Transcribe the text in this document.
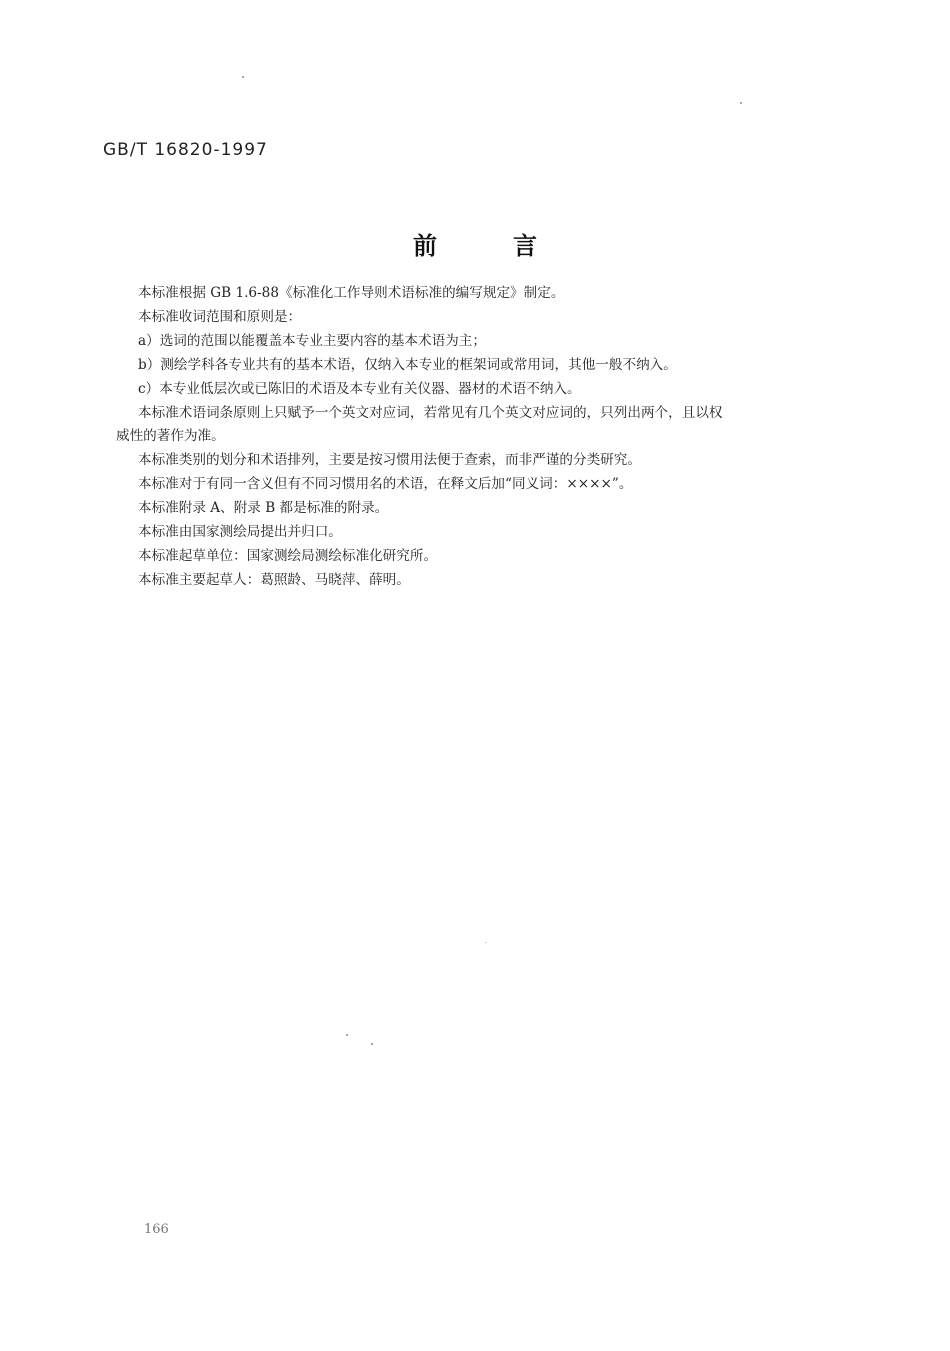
GB/T 16820-1997
前	言

本标准根据 GB 1.6-88《标准化工作导则术语标准的编写规定》制定。

本标准收词范围和原则是：

a）选词的范围以能覆盖本专业主要内容的基本术语为主；

b）测绘学科各专业共有的基本术语，仅纳入本专业的框架词或常用词，其他一般不纳入。

c）本专业低层次或已陈旧的术语及本专业有关仪器、器材的术语不纳入。

本标准术语词条原则上只赋予一个英文对应词，若常见有几个英文对应词的，只列出两个，且以权

威性的著作为准。

本标准类别的划分和术语排列，主要是按习惯用法便于查索，而非严谨的分类研究。

本标准对于有同一含义但有不同习惯用名的术语，在释文后加“同义词：××××”。

本标准附录 A、附录 B 都是标准的附录。

本标准由国家测绘局提出并归口。

本标准起草单位：国家测绘局测绘标准化研究所。

本标准主要起草人：葛照龄、马晓萍、薛明。

166
